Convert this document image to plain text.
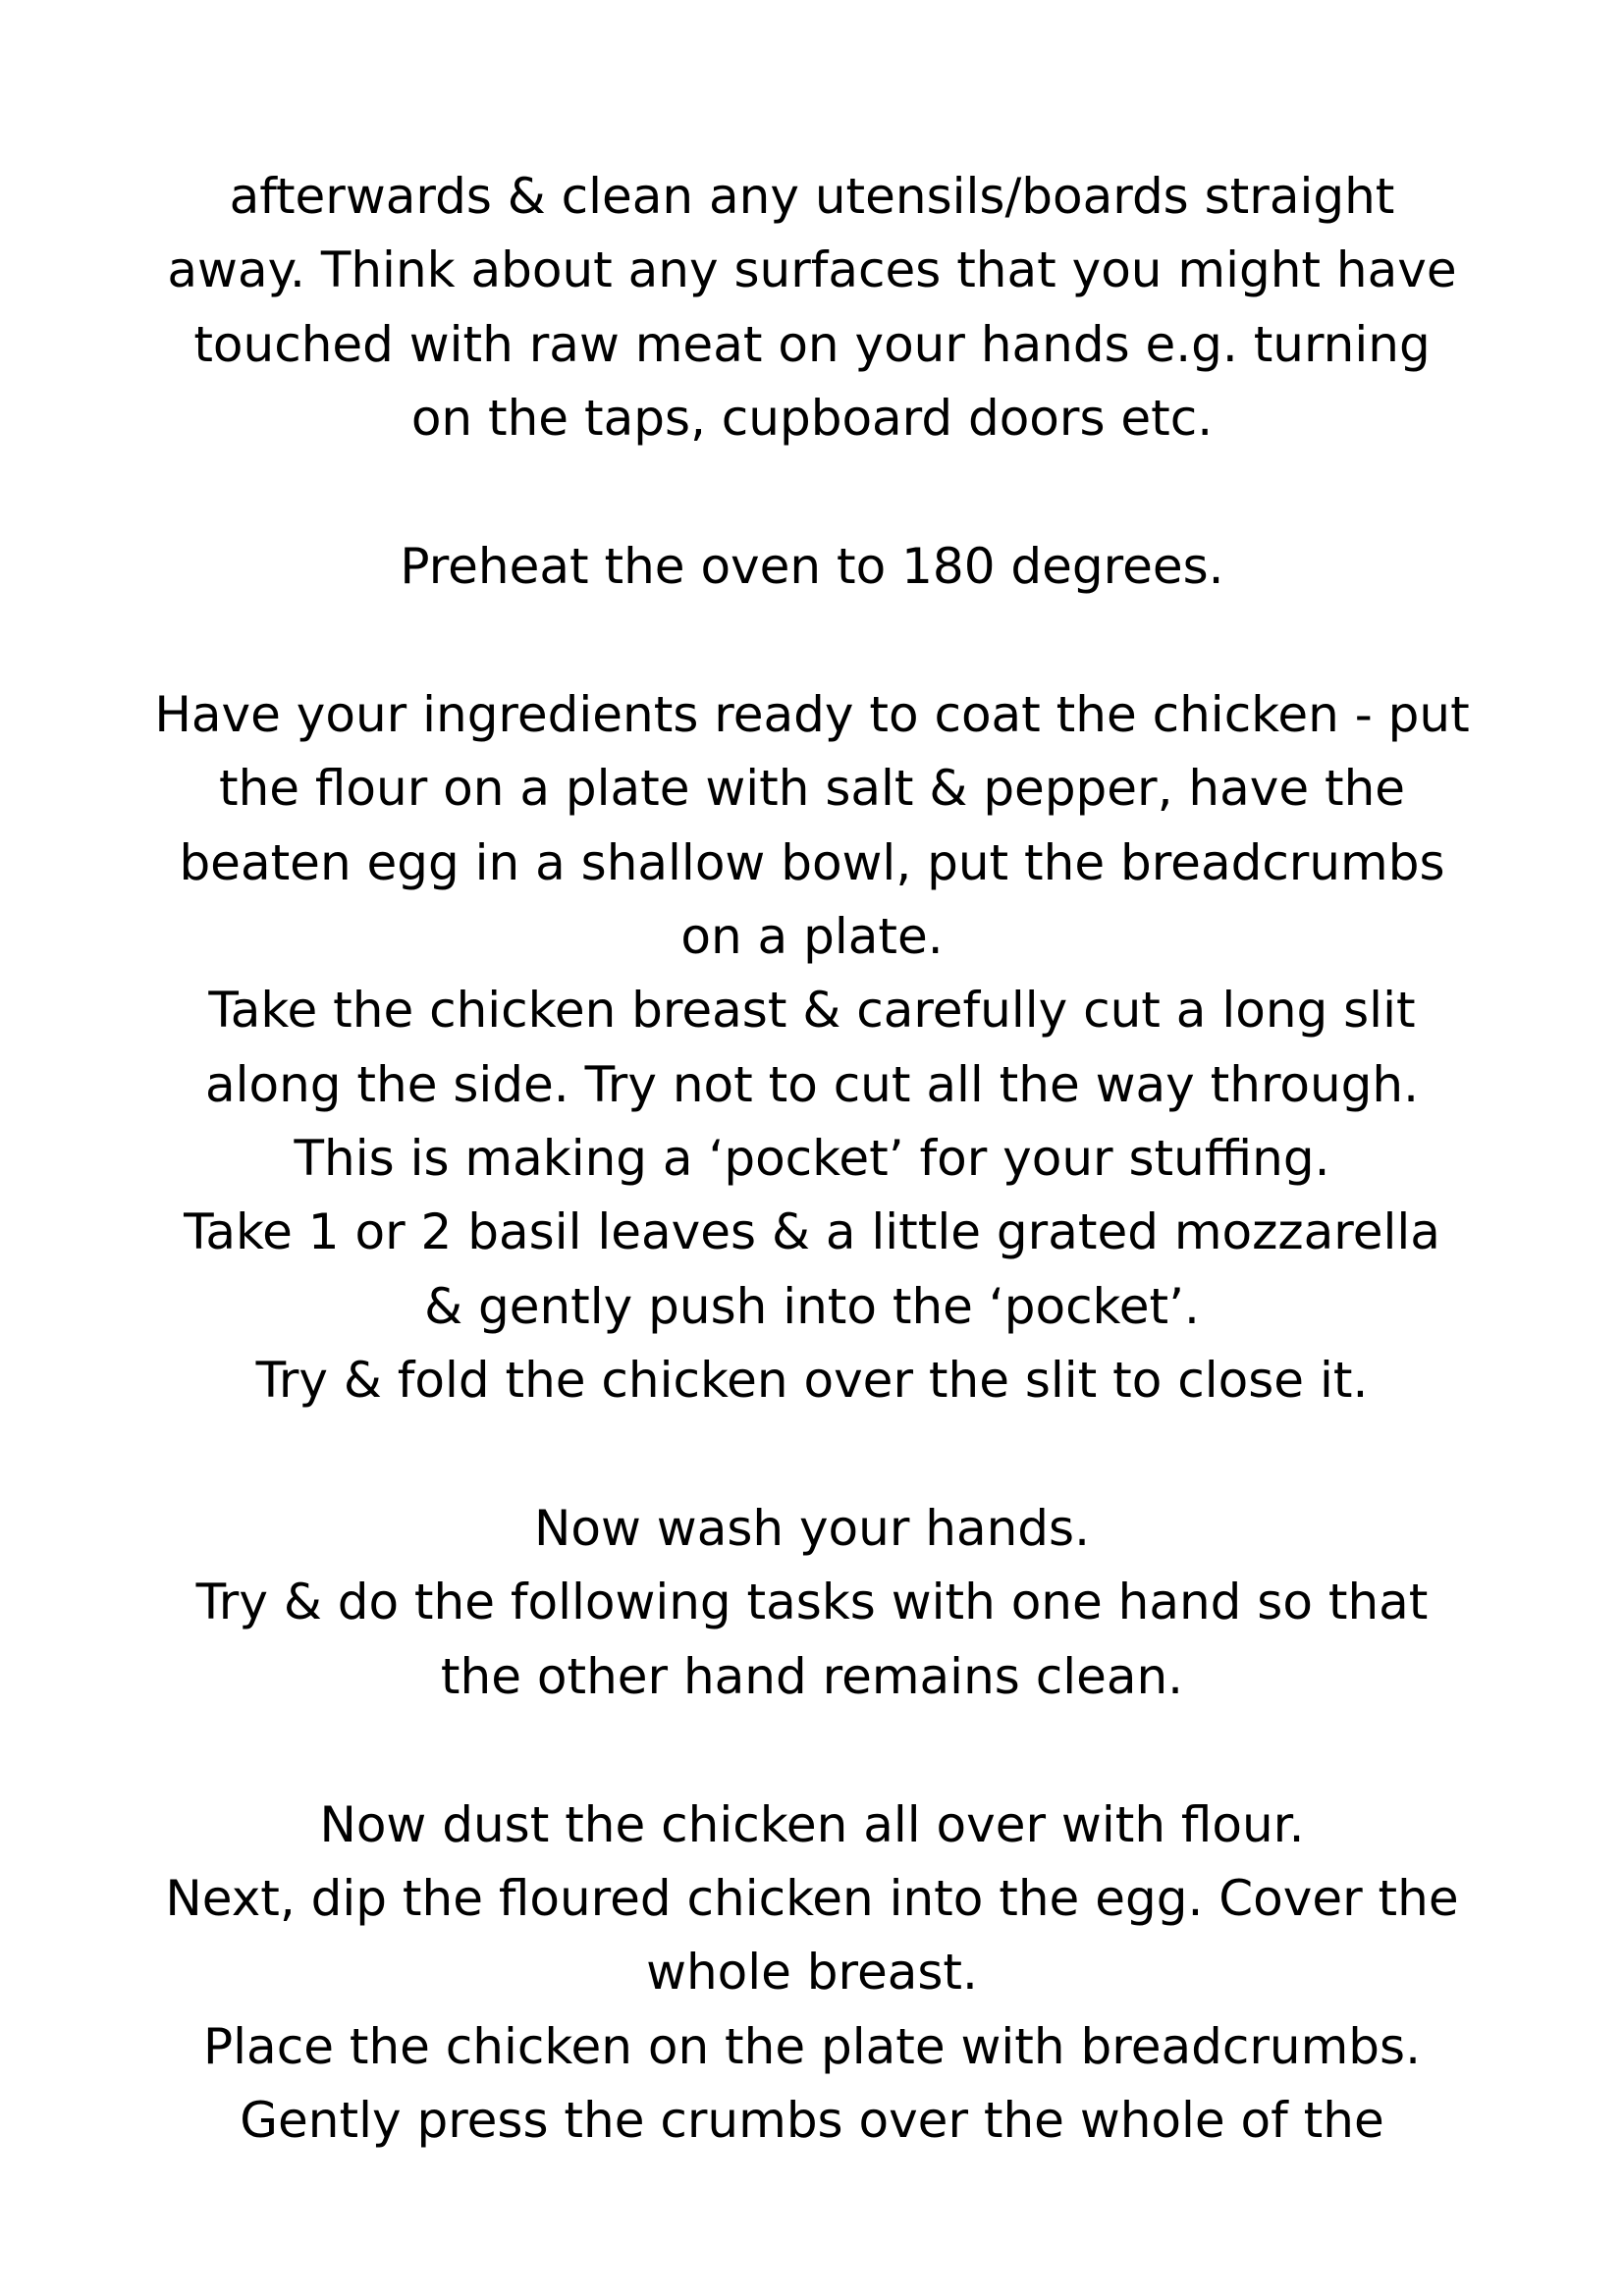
afterwards & clean any utensils/boards straight
away. Think about any surfaces that you might have
touched with raw meat on your hands e.g. turning
on the taps, cupboard doors etc.
Preheat the oven to 180 degrees.
Have your ingredients ready to coat the chicken - put
the flour on a plate with salt & pepper, have the
beaten egg in a shallow bowl, put the breadcrumbs
on a plate.
Take the chicken breast & carefully cut a long slit
along the side. Try not to cut all the way through.
This is making a ‘pocket’ for your stuffing.
Take 1 or 2 basil leaves & a little grated mozzarella
& gently push into the ‘pocket’.
Try & fold the chicken over the slit to close it.
Now wash your hands.
Try & do the following tasks with one hand so that
the other hand remains clean.
Now dust the chicken all over with flour.
Next, dip the floured chicken into the egg. Cover the
whole breast.
Place the chicken on the plate with breadcrumbs.
Gently press the crumbs over the whole of the
